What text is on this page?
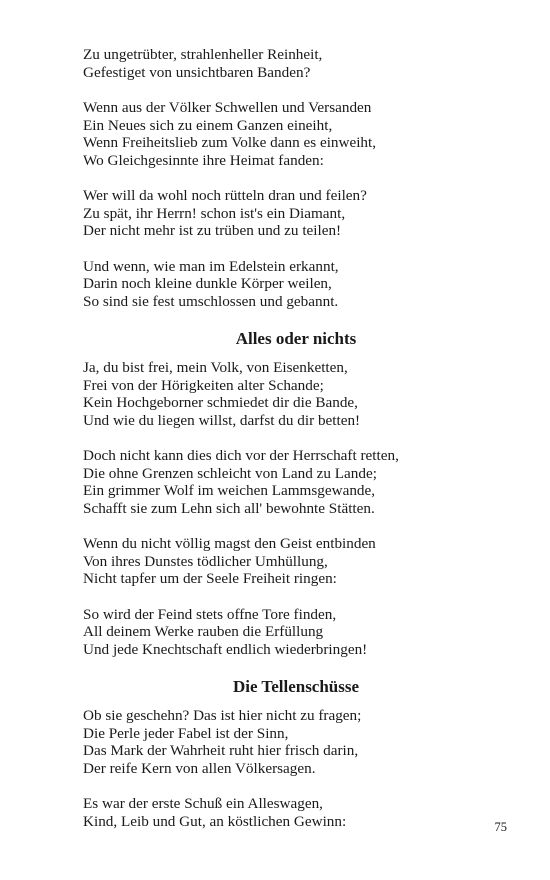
Zu ungetrübter, strahlenheller Reinheit,
Gefestiget von unsichtbaren Banden?
Wenn aus der Völker Schwellen und Versanden
Ein Neues sich zu einem Ganzen eineiht,
Wenn Freiheitslieb zum Volke dann es einweiht,
Wo Gleichgesinnte ihre Heimat fanden:
Wer will da wohl noch rütteln dran und feilen?
Zu spät, ihr Herrn! schon ist's ein Diamant,
Der nicht mehr ist zu trüben und zu teilen!
Und wenn, wie man im Edelstein erkannt,
Darin noch kleine dunkle Körper weilen,
So sind sie fest umschlossen und gebannt.
Alles oder nichts
Ja, du bist frei, mein Volk, von Eisenketten,
Frei von der Hörigkeiten alter Schande;
Kein Hochgeborner schmiedet dir die Bande,
Und wie du liegen willst, darfst du dir betten!
Doch nicht kann dies dich vor der Herrschaft retten,
Die ohne Grenzen schleicht von Land zu Lande;
Ein grimmer Wolf im weichen Lammsgewande,
Schafft sie zum Lehn sich all' bewohnte Stätten.
Wenn du nicht völlig magst den Geist entbinden
Von ihres Dunstes tödlicher Umhüllung,
Nicht tapfer um der Seele Freiheit ringen:
So wird der Feind stets offne Tore finden,
All deinem Werke rauben die Erfüllung
Und jede Knechtschaft endlich wiederbringen!
Die Tellenschüsse
Ob sie geschehn? Das ist hier nicht zu fragen;
Die Perle jeder Fabel ist der Sinn,
Das Mark der Wahrheit ruht hier frisch darin,
Der reife Kern von allen Völkersagen.
Es war der erste Schuß ein Alleswagen,
Kind, Leib und Gut, an köstlichen Gewinn:	75
